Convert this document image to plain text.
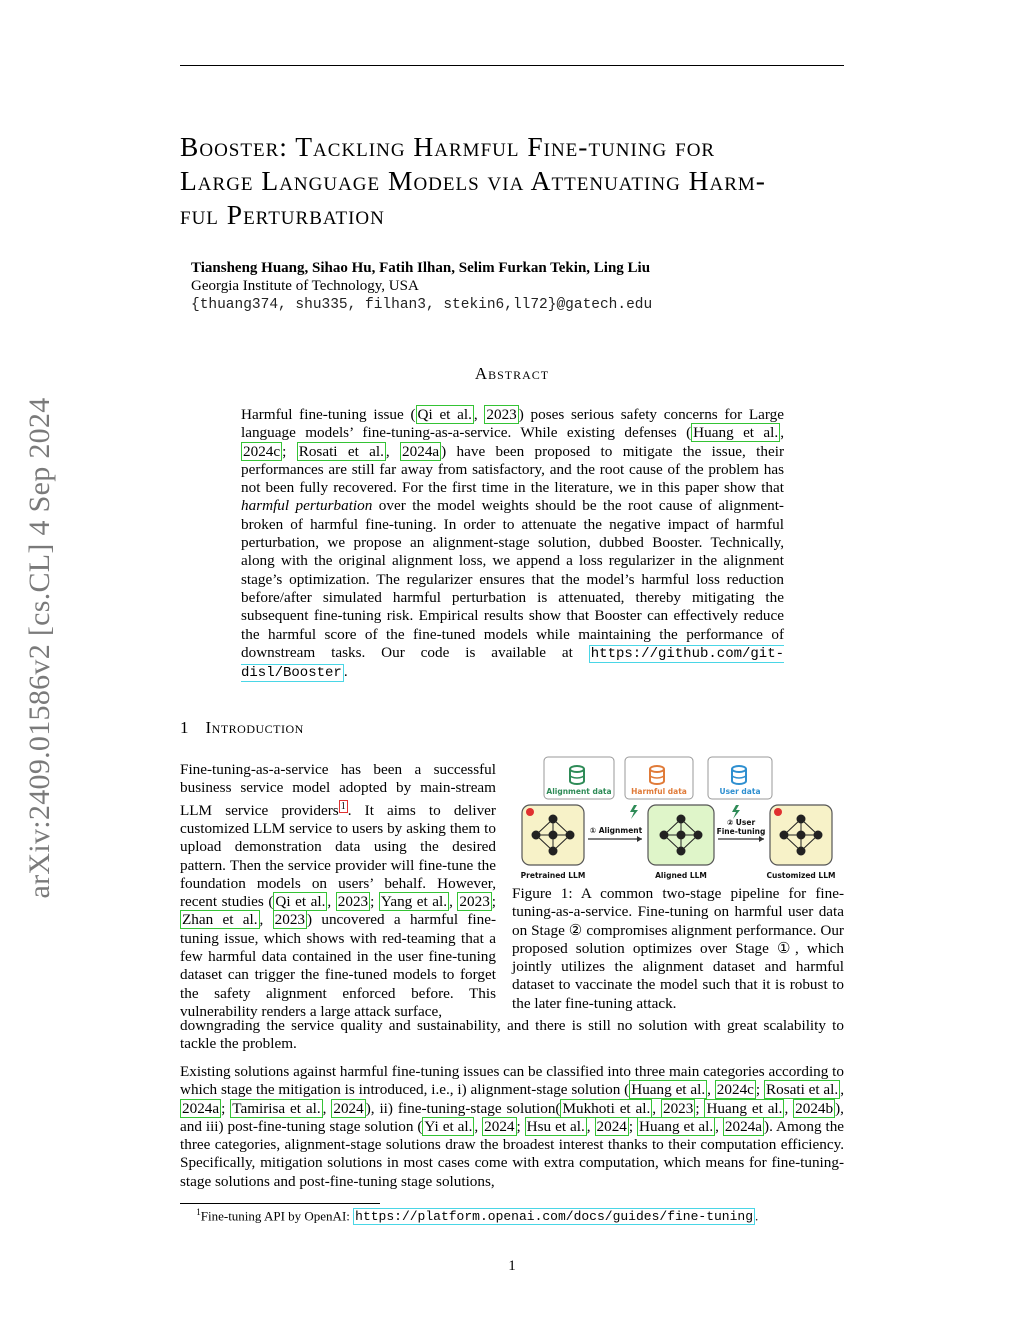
arXiv:2409.01586v2 [cs.CL] 4 Sep 2024
Booster: Tackling Harmful Fine-tuning for
Large Language Models via Attenuating Harm-
ful Perturbation
Tiansheng Huang, Sihao Hu, Fatih Ilhan, Selim Furkan Tekin, Ling Liu
Georgia Institute of Technology, USA
{thuang374, shu335, filhan3, stekin6,ll72}@gatech.edu
Abstract
Harmful fine-tuning issue ( Qi et al. , 2023 ) poses serious safety concerns for Large language models’ fine-tuning-as-a-service. While existing defenses ( Huang et al. , 2024c ; Rosati et al. , 2024a ) have been proposed to mitigate the issue, their performances are still far away from satisfactory, and the root cause of the problem has not been fully recovered. For the first time in the literature, we in this paper show that harmful perturbation over the model weights should be the root cause of alignment-broken of harmful fine-tuning. In order to attenuate the negative impact of harmful perturbation, we propose an alignment-stage solution, dubbed Booster. Technically, along with the original alignment loss, we append a loss regularizer in the alignment stage’s optimization. The regularizer ensures that the model’s harmful loss reduction before/after simulated harmful perturbation is attenuated, thereby mitigating the subsequent fine-tuning risk. Empirical results show that Booster can effectively reduce the harmful score of the fine-tuned models while maintaining the performance of downstream tasks. Our code is available at https://github.com/git-disl/Booster .
1 Introduction
Fine-tuning-as-a-service has been a successful business service model adopted by main-stream LLM service providers $^1$ . It aims to deliver customized LLM service to users by asking them to upload demonstration data using the desired pattern. Then the service provider will fine-tune the foundation models on users’ behalf. However, recent studies ( Qi et al. , 2023 ; Yang et al. , 2023 ; Zhan et al. , 2023 ) uncovered a harmful fine-tuning issue, which shows with red-teaming that a few harmful data contained in the user fine-tuning dataset can trigger the fine-tuned models to forget the safety alignment enforced before. This vulnerability renders a large attack surface,
downgrading the service quality and sustainability, and there is still no solution with great scalability to tackle the problem.
Alignment data	Harmful data	User data
① Alignment
② User
Fine-tuning
Pretrained LLM	Aligned LLM	Customized LLM
Figure 1: A common two-stage pipeline for fine-tuning-as-a-service. Fine-tuning on harmful user data on Stage ② compromises alignment performance. Our proposed solution optimizes over Stage ①, which jointly utilizes the alignment dataset and harmful dataset to vaccinate the model such that it is robust to the later fine-tuning attack.
Existing solutions against harmful fine-tuning issues can be classified into three main categories according to which stage the mitigation is introduced, i.e., i) alignment-stage solution ( Huang et al. , 2024c ; Rosati et al. , 2024a ; Tamirisa et al. , 2024 ), ii) fine-tuning-stage solution( Mukhoti et al. , 2023 ; Huang et al. , 2024b ), and iii) post-fine-tuning stage solution ( Yi et al. , 2024 ; Hsu et al. , 2024 ; Huang et al. , 2024a ). Among the three categories, alignment-stage solutions draw the broadest interest thanks to their computation efficiency. Specifically, mitigation solutions in most cases come with extra computation, which means for fine-tuning-stage solutions and post-fine-tuning stage solutions,
$^1$Fine-tuning API by OpenAI: https://platform.openai.com/docs/guides/fine-tuning .
1
